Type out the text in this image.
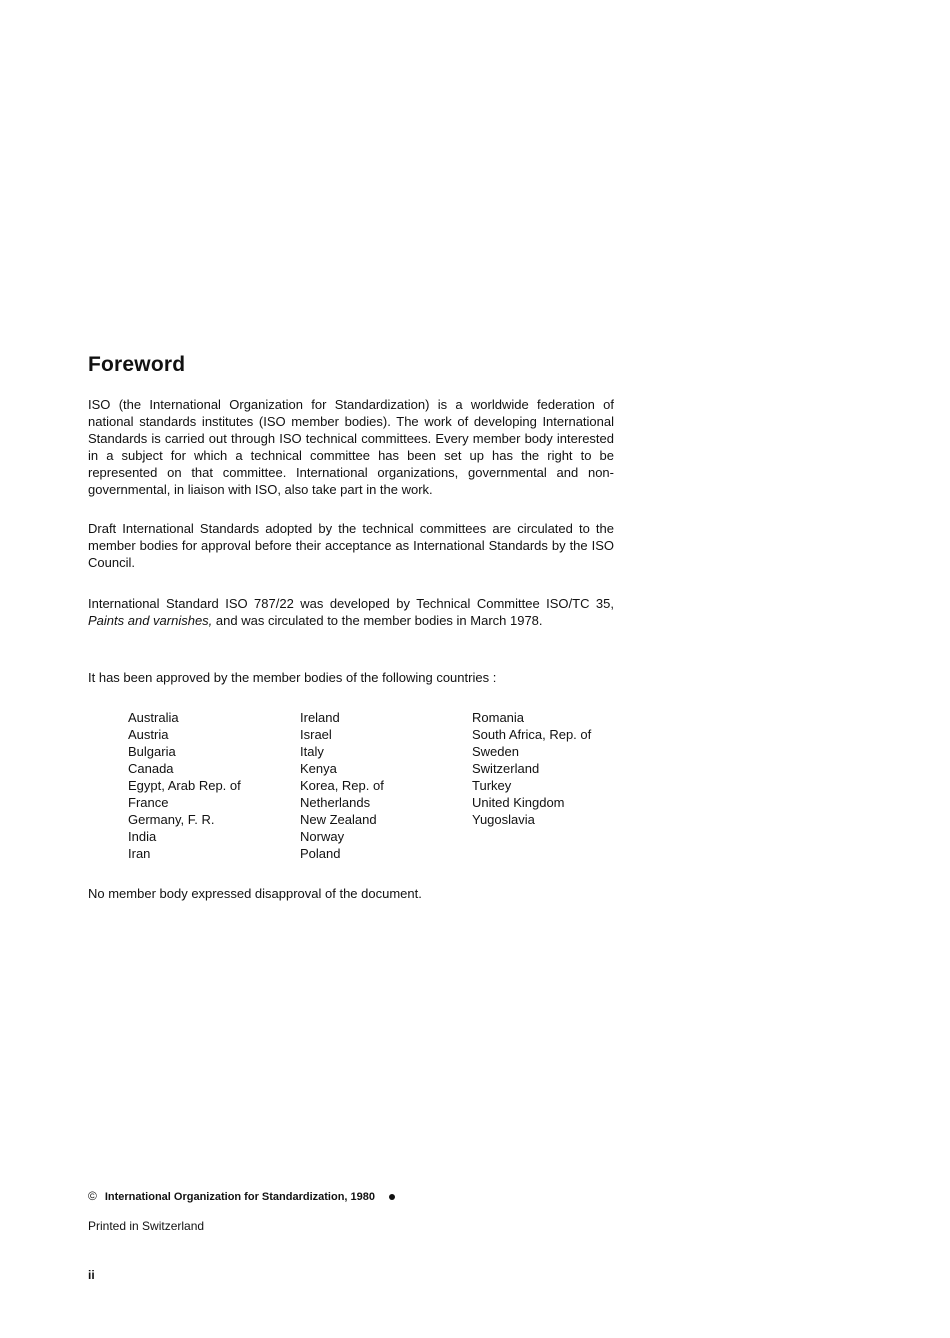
Foreword
ISO (the International Organization for Standardization) is a worldwide federation of national standards institutes (ISO member bodies). The work of developing International Standards is carried out through ISO technical committees. Every member body interested in a subject for which a technical committee has been set up has the right to be represented on that committee. International organizations, governmental and non-governmental, in liaison with ISO, also take part in the work.
Draft International Standards adopted by the technical committees are circulated to the member bodies for approval before their acceptance as International Standards by the ISO Council.
International Standard ISO 787/22 was developed by Technical Committee ISO/TC 35, Paints and varnishes, and was circulated to the member bodies in March 1978.
It has been approved by the member bodies of the following countries :
Australia
Austria
Bulgaria
Canada
Egypt, Arab Rep. of
France
Germany, F. R.
India
Iran
Ireland
Israel
Italy
Kenya
Korea, Rep. of
Netherlands
New Zealand
Norway
Poland
Romania
South Africa, Rep. of
Sweden
Switzerland
Turkey
United Kingdom
Yugoslavia
No member body expressed disapproval of the document.
© International Organization for Standardization, 1980
Printed in Switzerland
ii
